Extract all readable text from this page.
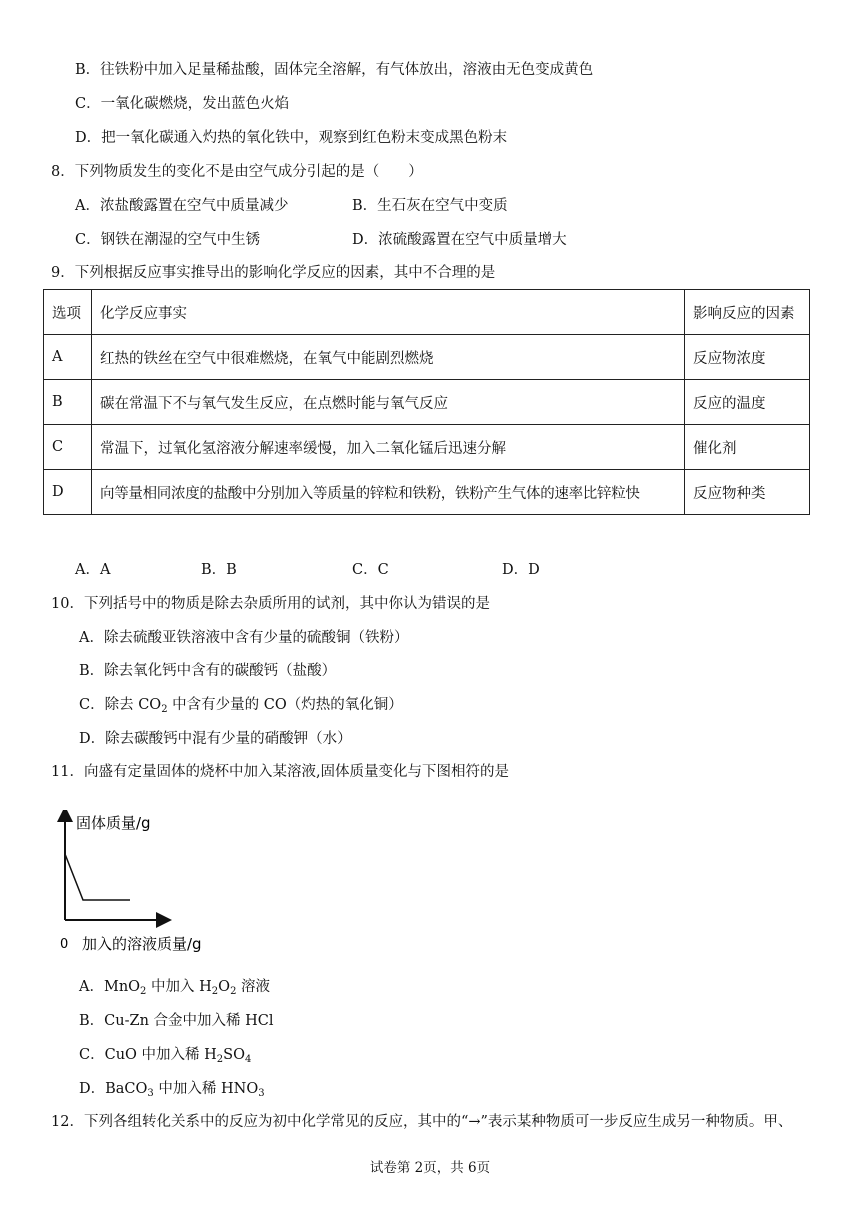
B．往铁粉中加入足量稀盐酸，固体完全溶解，有气体放出，溶液由无色变成黄色
C．一氧化碳燃烧，发出蓝色火焰
D．把一氧化碳通入灼热的氧化铁中，观察到红色粉末变成黑色粉末
8．下列物质发生的变化不是由空气成分引起的是（　　）
A．浓盐酸露置在空气中质量减少	B．生石灰在空气中变质
C．钢铁在潮湿的空气中生锈	D．浓硫酸露置在空气中质量增大
9．下列根据反应事实推导出的影响化学反应的因素，其中不合理的是
选项	化学反应事实	影响反应的因素
A	红热的铁丝在空气中很难燃烧，在氧气中能剧烈燃烧	反应物浓度
B	碳在常温下不与氧气发生反应，在点燃时能与氧气反应	反应的温度
C	常温下，过氧化氢溶液分解速率缓慢，加入二氧化锰后迅速分解	催化剂
D	向等量相同浓度的盐酸中分别加入等质量的锌粒和铁粉，铁粉产生气体的速率比锌粒快	反应物种类
A．A	B．B	C．C	D．D
10．下列括号中的物质是除去杂质所用的试剂，其中你认为错误的是
A．除去硫酸亚铁溶液中含有少量的硫酸铜（铁粉）
B．除去氧化钙中含有的碳酸钙（盐酸）
C．除去 $CO_2$ 中含有少量的 CO（灼热的氧化铜）
D．除去碳酸钙中混有少量的硝酸钾（水）
11．向盛有定量固体的烧杯中加入某溶液,固体质量变化与下图相符的是
固体质量/g
0 加入的溶液质量/g
A．MnO$_2$ 中加入 $H_2O_2$ 溶液
B．Cu-Zn 合金中加入稀 HCl
C．CuO 中加入稀 $H_2SO_4$
D．BaCO$_3$ 中加入稀 $HNO_3$
12．下列各组转化关系中的反应为初中化学常见的反应，其中的“→”表示某种物质可一步反应生成另一种物质。甲、
试卷第 2页，共 6页
